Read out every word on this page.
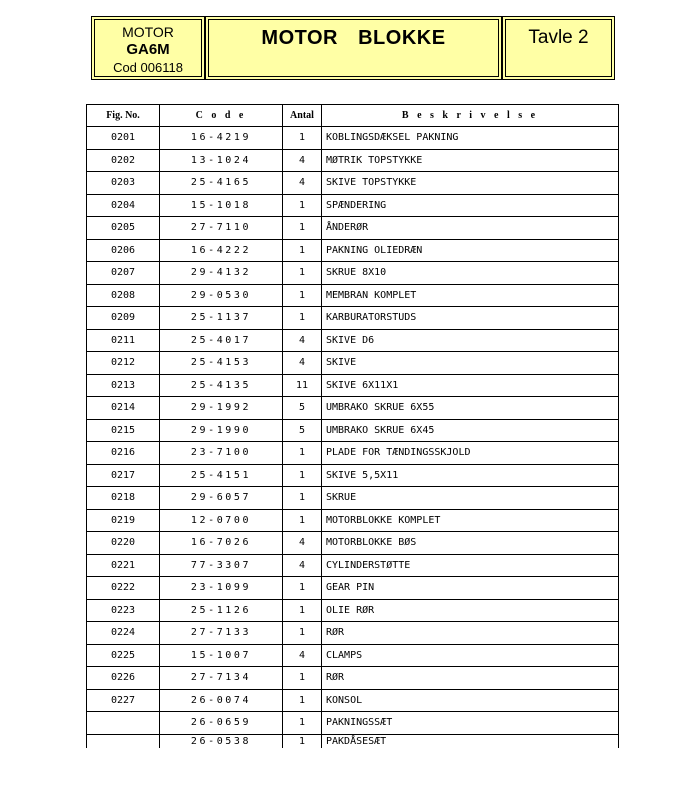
MOTOR
GA6M
Cod 006118
MOTOR  BLOKKE	Tavle 2
Fig. No.	C o d e	Antal	B e s k r i v e l s e
0201	16-4219	1	KOBLINGSDÆKSEL PAKNING
0202	13-1024	4	MØTRIK TOPSTYKKE
0203	25-4165	4	SKIVE TOPSTYKKE
0204	15-1018	1	SPÆNDERING
0205	27-7110	1	ÅNDERØR
0206	16-4222	1	PAKNING OLIEDRÆN
0207	29-4132	1	SKRUE 8X10
0208	29-0530	1	MEMBRAN KOMPLET
0209	25-1137	1	KARBURATORSTUDS
0211	25-4017	4	SKIVE D6
0212	25-4153	4	SKIVE
0213	25-4135	11	SKIVE 6X11X1
0214	29-1992	5	UMBRAKO SKRUE 6X55
0215	29-1990	5	UMBRAKO SKRUE 6X45
0216	23-7100	1	PLADE FOR TÆNDINGSSKJOLD
0217	25-4151	1	SKIVE 5,5X11
0218	29-6057	1	SKRUE
0219	12-0700	1	MOTORBLOKKE KOMPLET
0220	16-7026	4	MOTORBLOKKE BØS
0221	77-3307	4	CYLINDERSTØTTE
0222	23-1099	1	GEAR PIN
0223	25-1126	1	OLIE RØR
0224	27-7133	1	RØR
0225	15-1007	4	CLAMPS
0226	27-7134	1	RØR
0227	26-0074	1	KONSOL
	26-0659	1	PAKNINGSSÆT
	26-0538	1	PAKDÅSESÆT
